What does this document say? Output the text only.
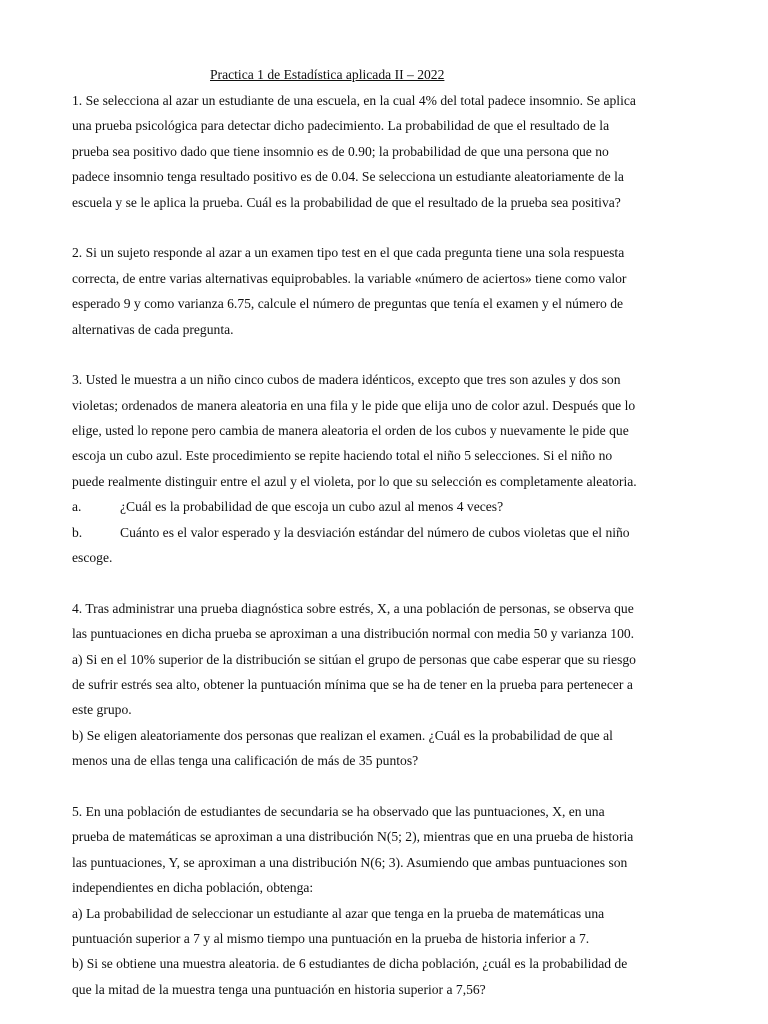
Practica 1 de Estadística aplicada II – 2022
1. Se selecciona al azar un estudiante de una escuela, en la cual 4% del total padece insomnio. Se aplica
una prueba psicológica para detectar dicho padecimiento. La probabilidad de que el resultado de la
prueba sea positivo dado que tiene insomnio es de 0.90; la probabilidad de que una persona que no
padece insomnio tenga resultado positivo es de 0.04. Se selecciona un estudiante aleatoriamente de la
escuela y se le aplica la prueba. Cuál es la probabilidad de que el resultado de la prueba sea positiva?
2. Si un sujeto responde al azar a un examen tipo test en el que cada pregunta tiene una sola respuesta
correcta, de entre varias alternativas equiprobables. la variable «número de aciertos» tiene como valor
esperado 9 y como varianza 6.75, calcule el número de preguntas que tenía el examen y el número de
alternativas de cada pregunta.
3. Usted le muestra a un niño cinco cubos de madera idénticos, excepto que tres son azules y dos son
violetas; ordenados de manera aleatoria en una fila y le pide que elija uno de color azul. Después que lo
elige, usted lo repone pero cambia de manera aleatoria el orden de los cubos y nuevamente le pide que
escoja un cubo azul. Este procedimiento se repite haciendo total el niño 5 selecciones. Si el niño no
puede realmente distinguir entre el azul y el violeta, por lo que su selección es completamente aleatoria.
a.	¿Cuál es la probabilidad de que escoja un cubo azul al menos 4 veces?
b.	Cuánto es el valor esperado y la desviación estándar del número de cubos violetas que el niño
escoge.
4. Tras administrar una prueba diagnóstica sobre estrés, X, a una población de personas, se observa que
las puntuaciones en dicha prueba se aproximan a una distribución normal con media 50 y varianza 100.
a) Si en el 10% superior de la distribución se sitúan el grupo de personas que cabe esperar que su riesgo
de sufrir estrés sea alto, obtener la puntuación mínima que se ha de tener en la prueba para pertenecer a
este grupo.
b) Se eligen aleatoriamente dos personas que realizan el examen. ¿Cuál es la probabilidad de que al
menos una de ellas tenga una calificación de más de 35 puntos?
5. En una población de estudiantes de secundaria se ha observado que las puntuaciones, X, en una
prueba de matemáticas se aproximan a una distribución N(5; 2), mientras que en una prueba de historia
las puntuaciones, Y, se aproximan a una distribución N(6; 3). Asumiendo que ambas puntuaciones son
independientes en dicha población, obtenga:
a) La probabilidad de seleccionar un estudiante al azar que tenga en la prueba de matemáticas una
puntuación superior a 7 y al mismo tiempo una puntuación en la prueba de historia inferior a 7.
b) Si se obtiene una muestra aleatoria. de 6 estudiantes de dicha población, ¿cuál es la probabilidad de
que la mitad de la muestra tenga una puntuación en historia superior a 7,56?
